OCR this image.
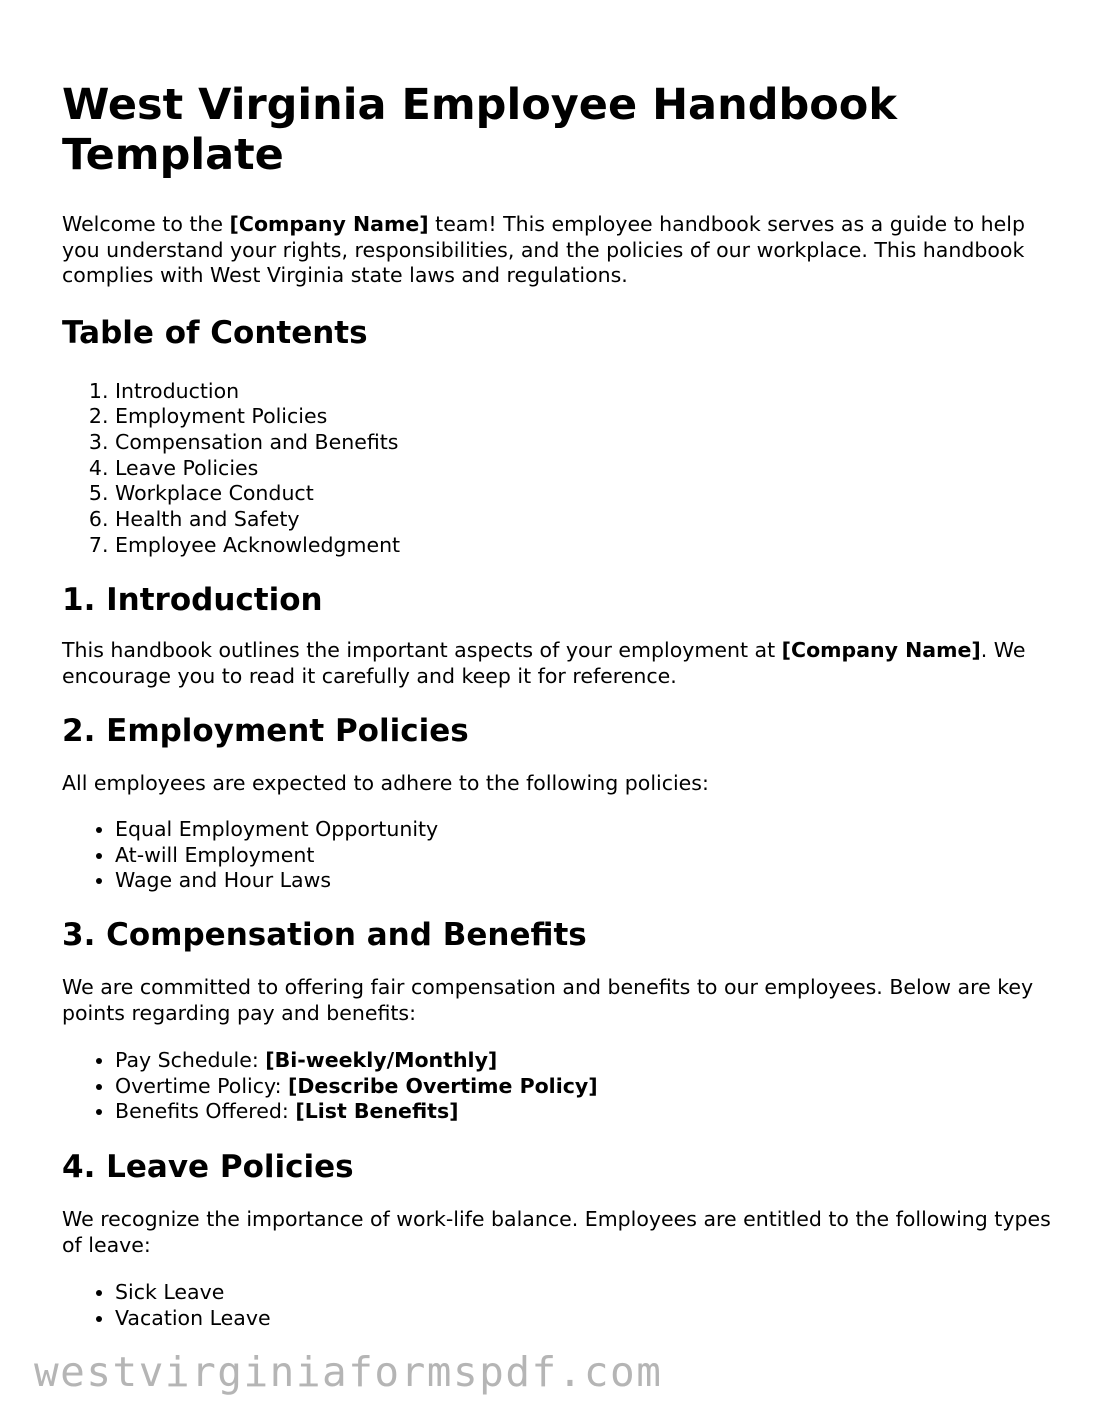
West Virginia Employee Handbook Template

Welcome to the [Company Name] team! This employee handbook serves as a guide to help you understand your rights, responsibilities, and the policies of our workplace. This handbook complies with West Virginia state laws and regulations.

Table of Contents
1. Introduction
2. Employment Policies
3. Compensation and Benefits
4. Leave Policies
5. Workplace Conduct
6. Health and Safety
7. Employee Acknowledgment
1. Introduction

This handbook outlines the important aspects of your employment at [Company Name]. We encourage you to read it carefully and keep it for reference.

2. Employment Policies

All employees are expected to adhere to the following policies:

• Equal Employment Opportunity
• At-will Employment
• Wage and Hour Laws
3. Compensation and Benefits

We are committed to offering fair compensation and benefits to our employees. Below are key points regarding pay and benefits:

• Pay Schedule: [Bi-weekly/Monthly]
• Overtime Policy: [Describe Overtime Policy]
• Benefits Offered: [List Benefits]
4. Leave Policies

We recognize the importance of work-life balance. Employees are entitled to the following types of leave:

• Sick Leave
• Vacation Leave
westvirginiaformspdf.com
